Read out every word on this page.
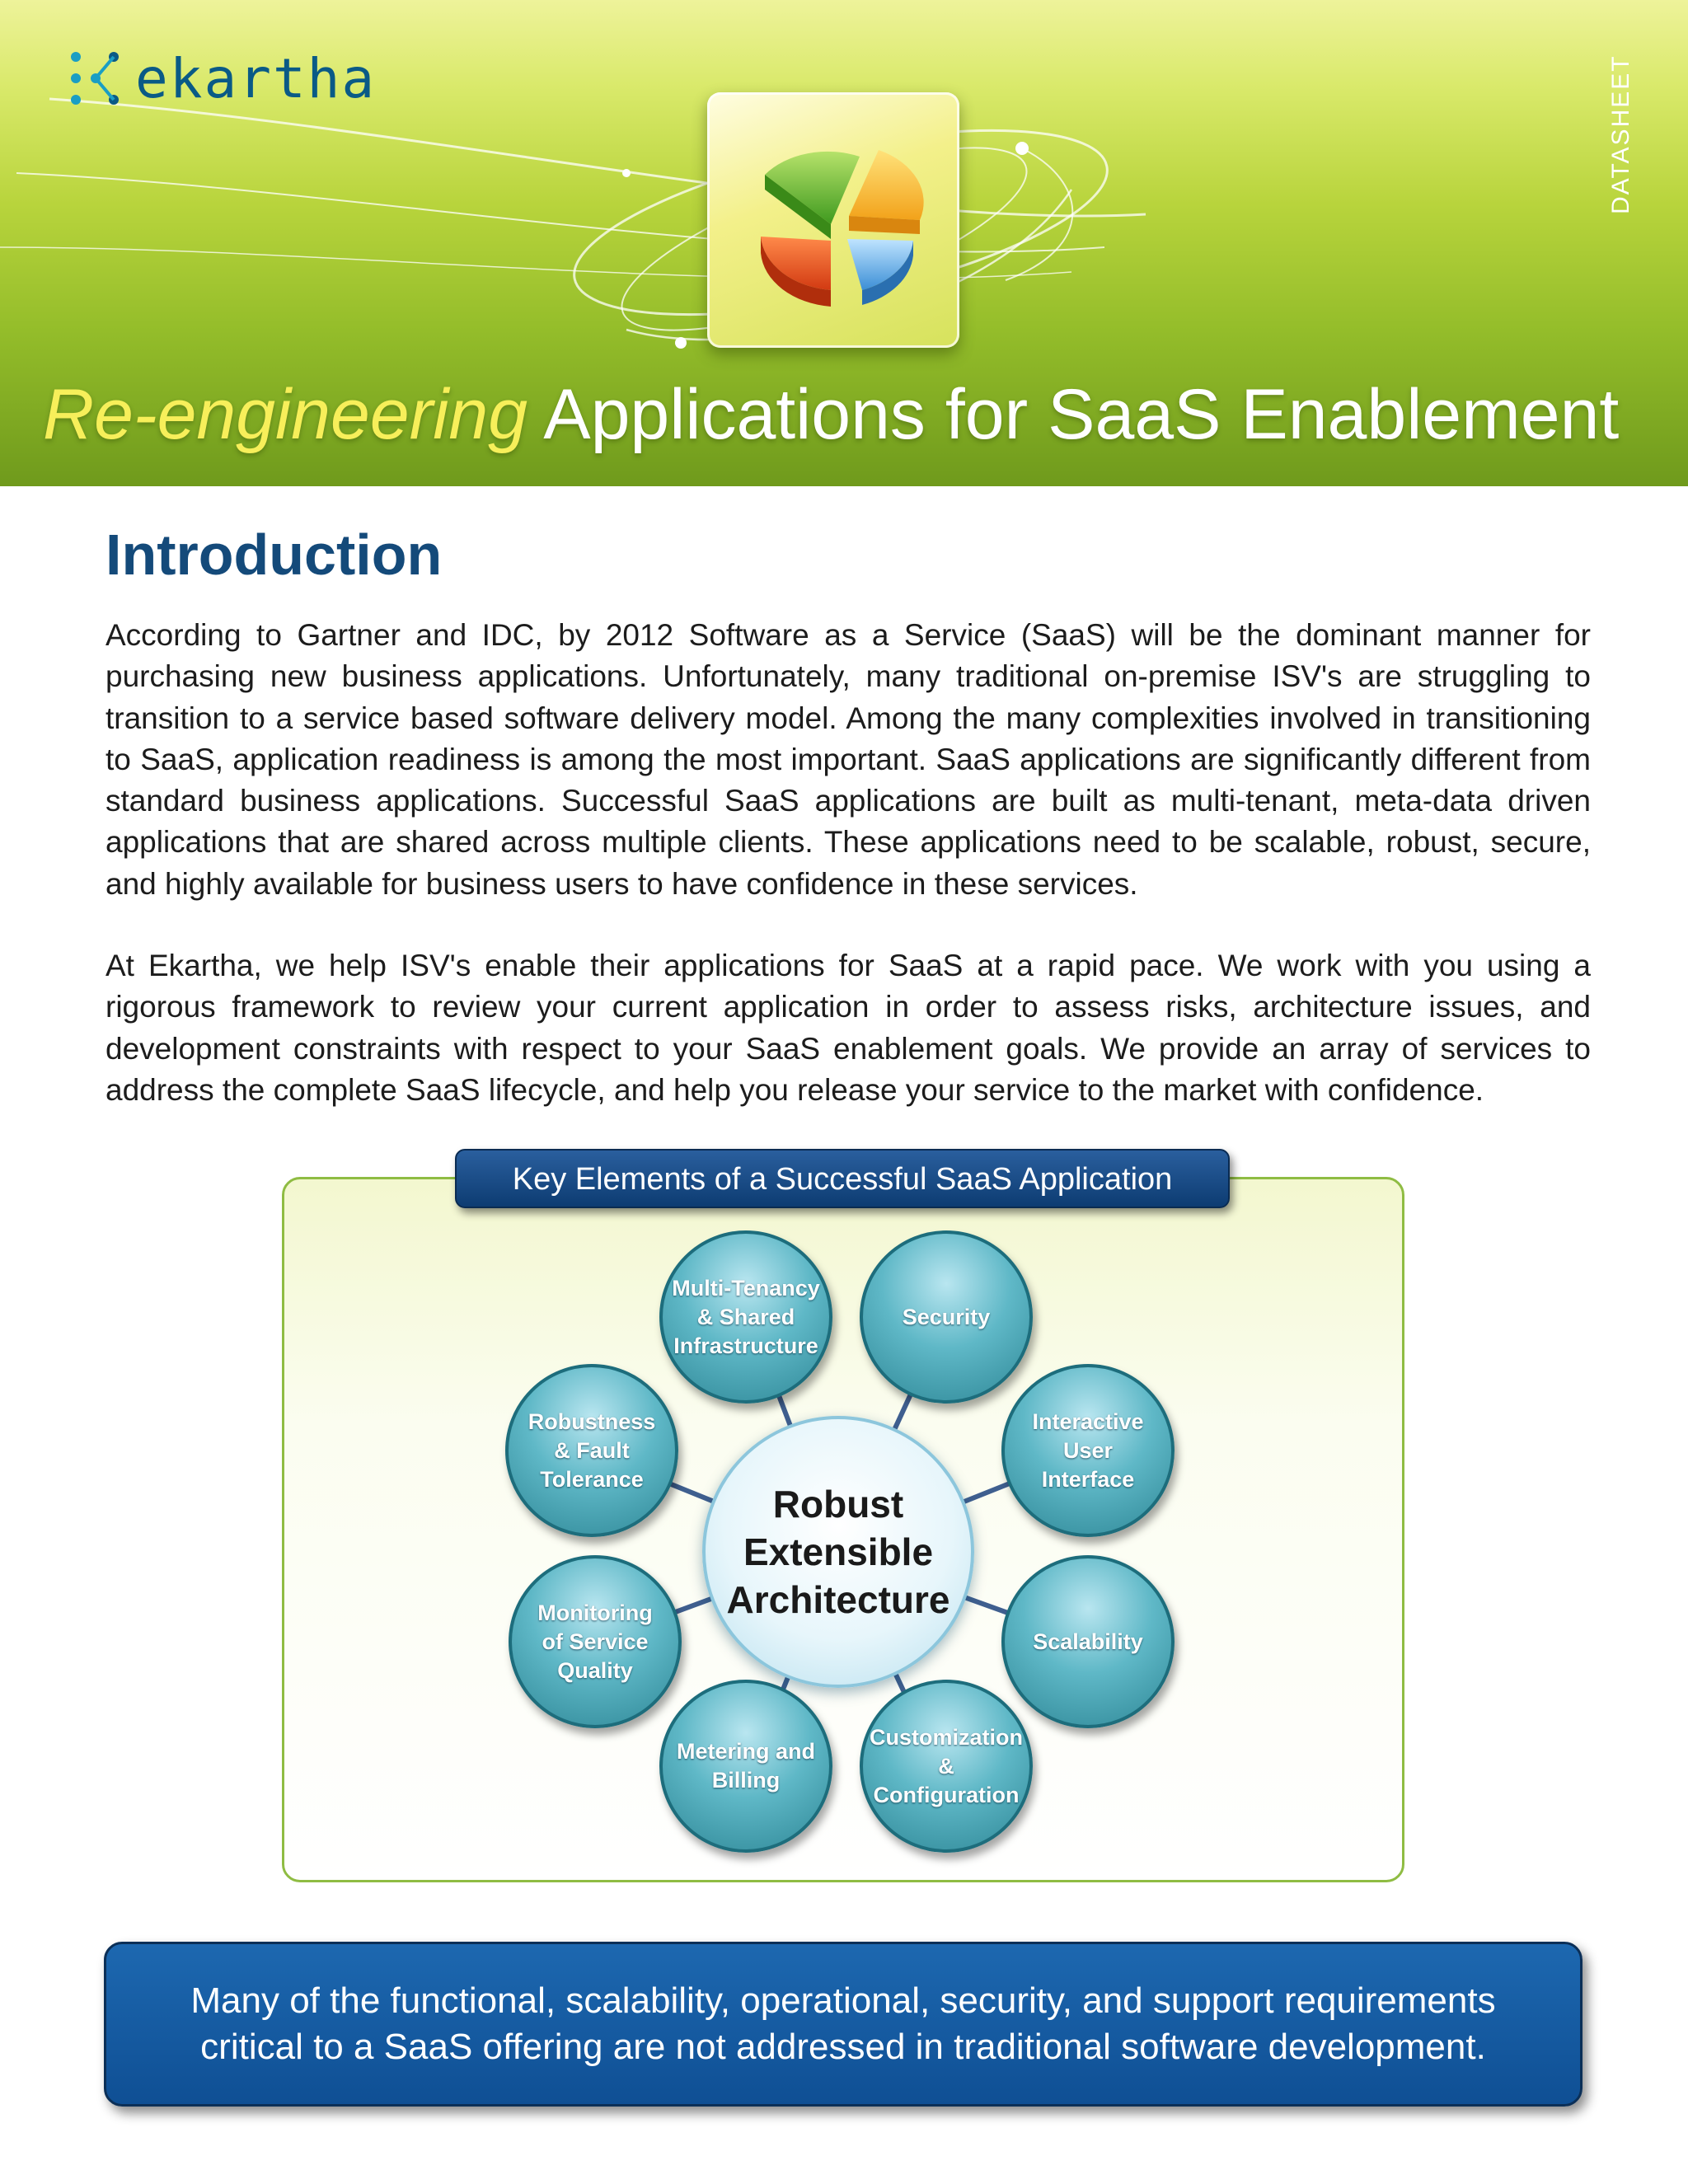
ekartha	DATASHEET
Re-engineering Applications for SaaS Enablement
Introduction

According to Gartner and IDC, by 2012 Software as a Service (SaaS) will be the dominant manner for purchasing new business applications. Unfortunately, many traditional on-premise ISV's are struggling to transition to a service based software delivery model. Among the many complexities involved in transitioning to SaaS, application readiness is among the most important. SaaS applications are significantly different from standard business applications. Successful SaaS applications are built as multi-tenant, meta-data driven applications that are shared across multiple clients. These applications need to be scalable, robust, secure, and highly available for business users to have confidence in these services.

At Ekartha, we help ISV's enable their applications for SaaS at a rapid pace. We work with you using a rigorous framework to review your current application in order to assess risks, architecture issues, and development constraints with respect to your SaaS enablement goals. We provide an array of services to address the complete SaaS lifecycle, and help you release your service to the market with confidence.

Multi-Tenancy
& Shared
Infrastructure
Security
Interactive
User
Interface
Scalability
Customization
&
Configuration
Metering and
Billing
Monitoring
of Service
Quality
Robustness
& Fault
Tolerance
Robust
Extensible
Architecture
Key Elements of a Successful SaaS Application
Many of the functional, scalability, operational, security, and support requirements
critical to a SaaS offering are not addressed in traditional software development.
